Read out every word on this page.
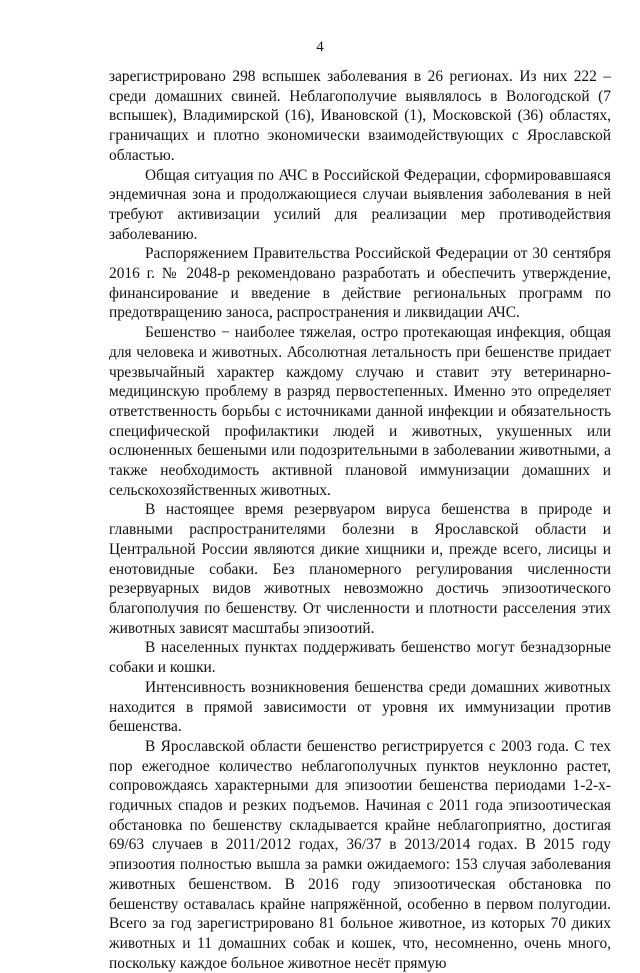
4

зарегистрировано 298 вспышек заболевания в 26 регионах. Из них 222 – среди домашних свиней. Неблагополучие выявлялось в Вологодской (7 вспышек), Владимирской (16), Ивановской (1), Московской (36) областях, граничащих и плотно экономически взаимодействующих с Ярославской областью.

Общая ситуация по АЧС в Российской Федерации, сформировавшаяся эндемичная зона и продолжающиеся случаи выявления заболевания в ней требуют активизации усилий для реализации мер противодействия заболеванию.

Распоряжением Правительства Российской Федерации от 30 сентября 2016 г. № 2048-р рекомендовано разработать и обеспечить утверждение, финансирование и введение в действие региональных программ по предотвращению заноса, распространения и ликвидации АЧС.

Бешенство − наиболее тяжелая, остро протекающая инфекция, общая для человека и животных. Абсолютная летальность при бешенстве придает чрезвычайный характер каждому случаю и ставит эту ветеринарно-медицинскую проблему в разряд первостепенных. Именно это определяет ответственность борьбы с источниками данной инфекции и обязательность специфической профилактики людей и животных, укушенных или ослюненных бешеными или подозрительными в заболевании животными, а также необходимость активной плановой иммунизации домашних и сельскохозяйственных животных.

В настоящее время резервуаром вируса бешенства в природе и главными распространителями болезни в Ярославской области и Центральной России являются дикие хищники и, прежде всего, лисицы и енотовидные собаки. Без планомерного регулирования численности резервуарных видов животных невозможно достичь эпизоотического благополучия по бешенству. От численности и плотности расселения этих животных зависят масштабы эпизоотий.

В населенных пунктах поддерживать бешенство могут безнадзорные собаки и кошки.

Интенсивность возникновения бешенства среди домашних животных находится в прямой зависимости от уровня их иммунизации против бешенства.

В Ярославской области бешенство регистрируется с 2003 года. С тех пор ежегодное количество неблагополучных пунктов неуклонно растет, сопровождаясь характерными для эпизоотии бешенства периодами 1-2-х-годичных спадов и резких подъемов. Начиная с 2011 года эпизоотическая обстановка по бешенству складывается крайне неблагоприятно, достигая 69/63 случаев в 2011/2012 годах, 36/37 в 2013/2014 годах. В 2015 году эпизоотия полностью вышла за рамки ожидаемого: 153 случая заболевания животных бешенством. В 2016 году эпизоотическая обстановка по бешенству оставалась крайне напряжённой, особенно в первом полугодии. Всего за год зарегистрировано 81 больное животное, из которых 70 диких животных и 11 домашних собак и кошек, что, несомненно, очень много, поскольку каждое больное животное несёт прямую
